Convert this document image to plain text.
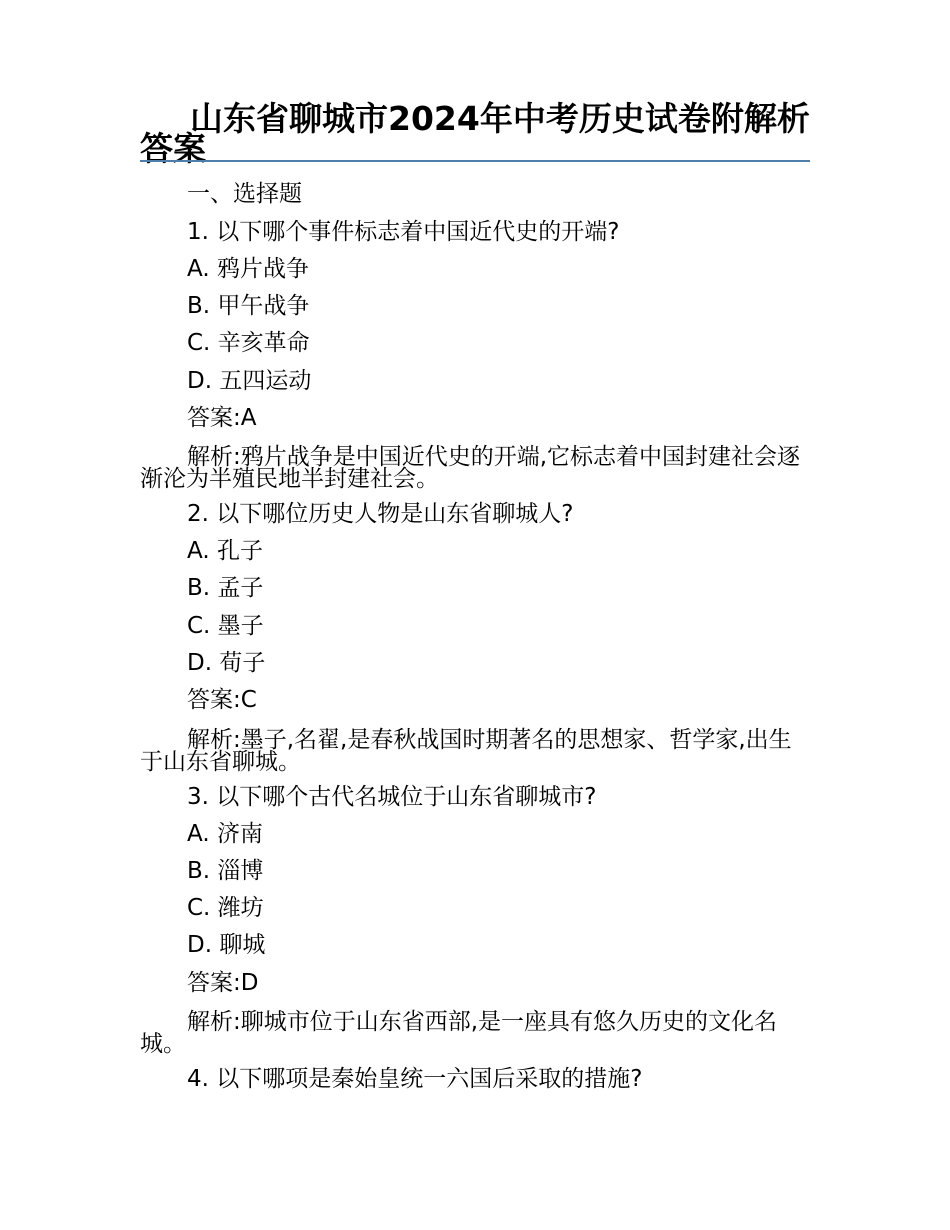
山东省聊城市2024年中考历史试卷附解析答案

一、选择题

1. 以下哪个事件标志着中国近代史的开端?

A. 鸦片战争

B. 甲午战争

C. 辛亥革命

D. 五四运动

答案:A

解析:鸦片战争是中国近代史的开端,它标志着中国封建社会逐渐沦为半殖民地半封建社会。

2. 以下哪位历史人物是山东省聊城人?

A. 孔子

B. 孟子

C. 墨子

D. 荀子

答案:C

解析:墨子,名翟,是春秋战国时期著名的思想家、哲学家,出生于山东省聊城。

3. 以下哪个古代名城位于山东省聊城市?

A. 济南

B. 淄博

C. 潍坊

D. 聊城

答案:D

解析:聊城市位于山东省西部,是一座具有悠久历史的文化名城。

4. 以下哪项是秦始皇统一六国后采取的措施?
